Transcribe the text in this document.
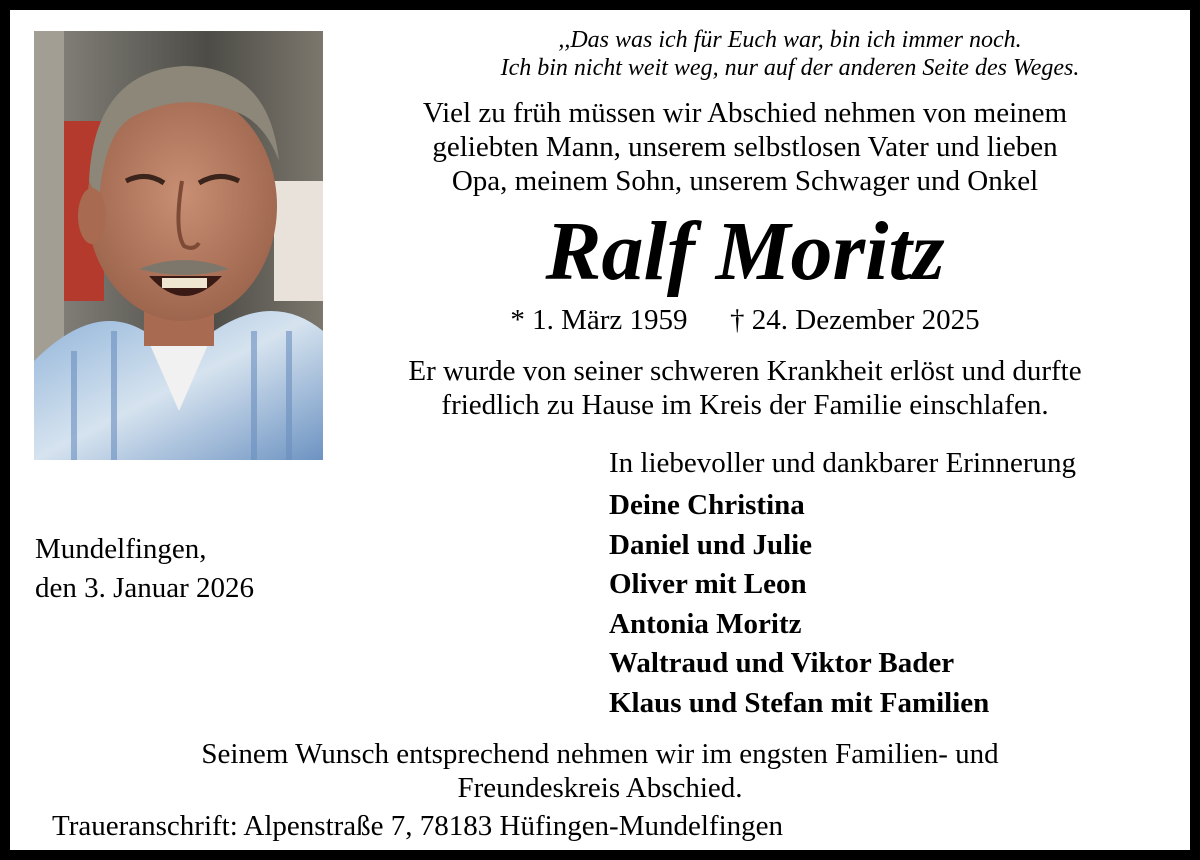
,,Das was ich für Euch war, bin ich immer noch.
Ich bin nicht weit weg, nur auf der anderen Seite des Weges.
Viel zu früh müssen wir Abschied nehmen von meinem
geliebten Mann, unserem selbstlosen Vater und lieben
Opa, meinem Sohn, unserem Schwager und Onkel
Ralf Moritz
* 1. März 1959 † 24. Dezember 2025
Er wurde von seiner schweren Krankheit erlöst und durfte
friedlich zu Hause im Kreis der Familie einschlafen.
In liebevoller und dankbarer Erinnerung
Deine Christina
Daniel und Julie
Oliver mit Leon
Antonia Moritz
Waltraud und Viktor Bader
Klaus und Stefan mit Familien
Mundelfingen,
den 3. Januar 2026
Seinem Wunsch entsprechend nehmen wir im engsten Familien- und
Freundeskreis Abschied.
Traueranschrift: Alpenstraße 7, 78183 Hüfingen-Mundelfingen
